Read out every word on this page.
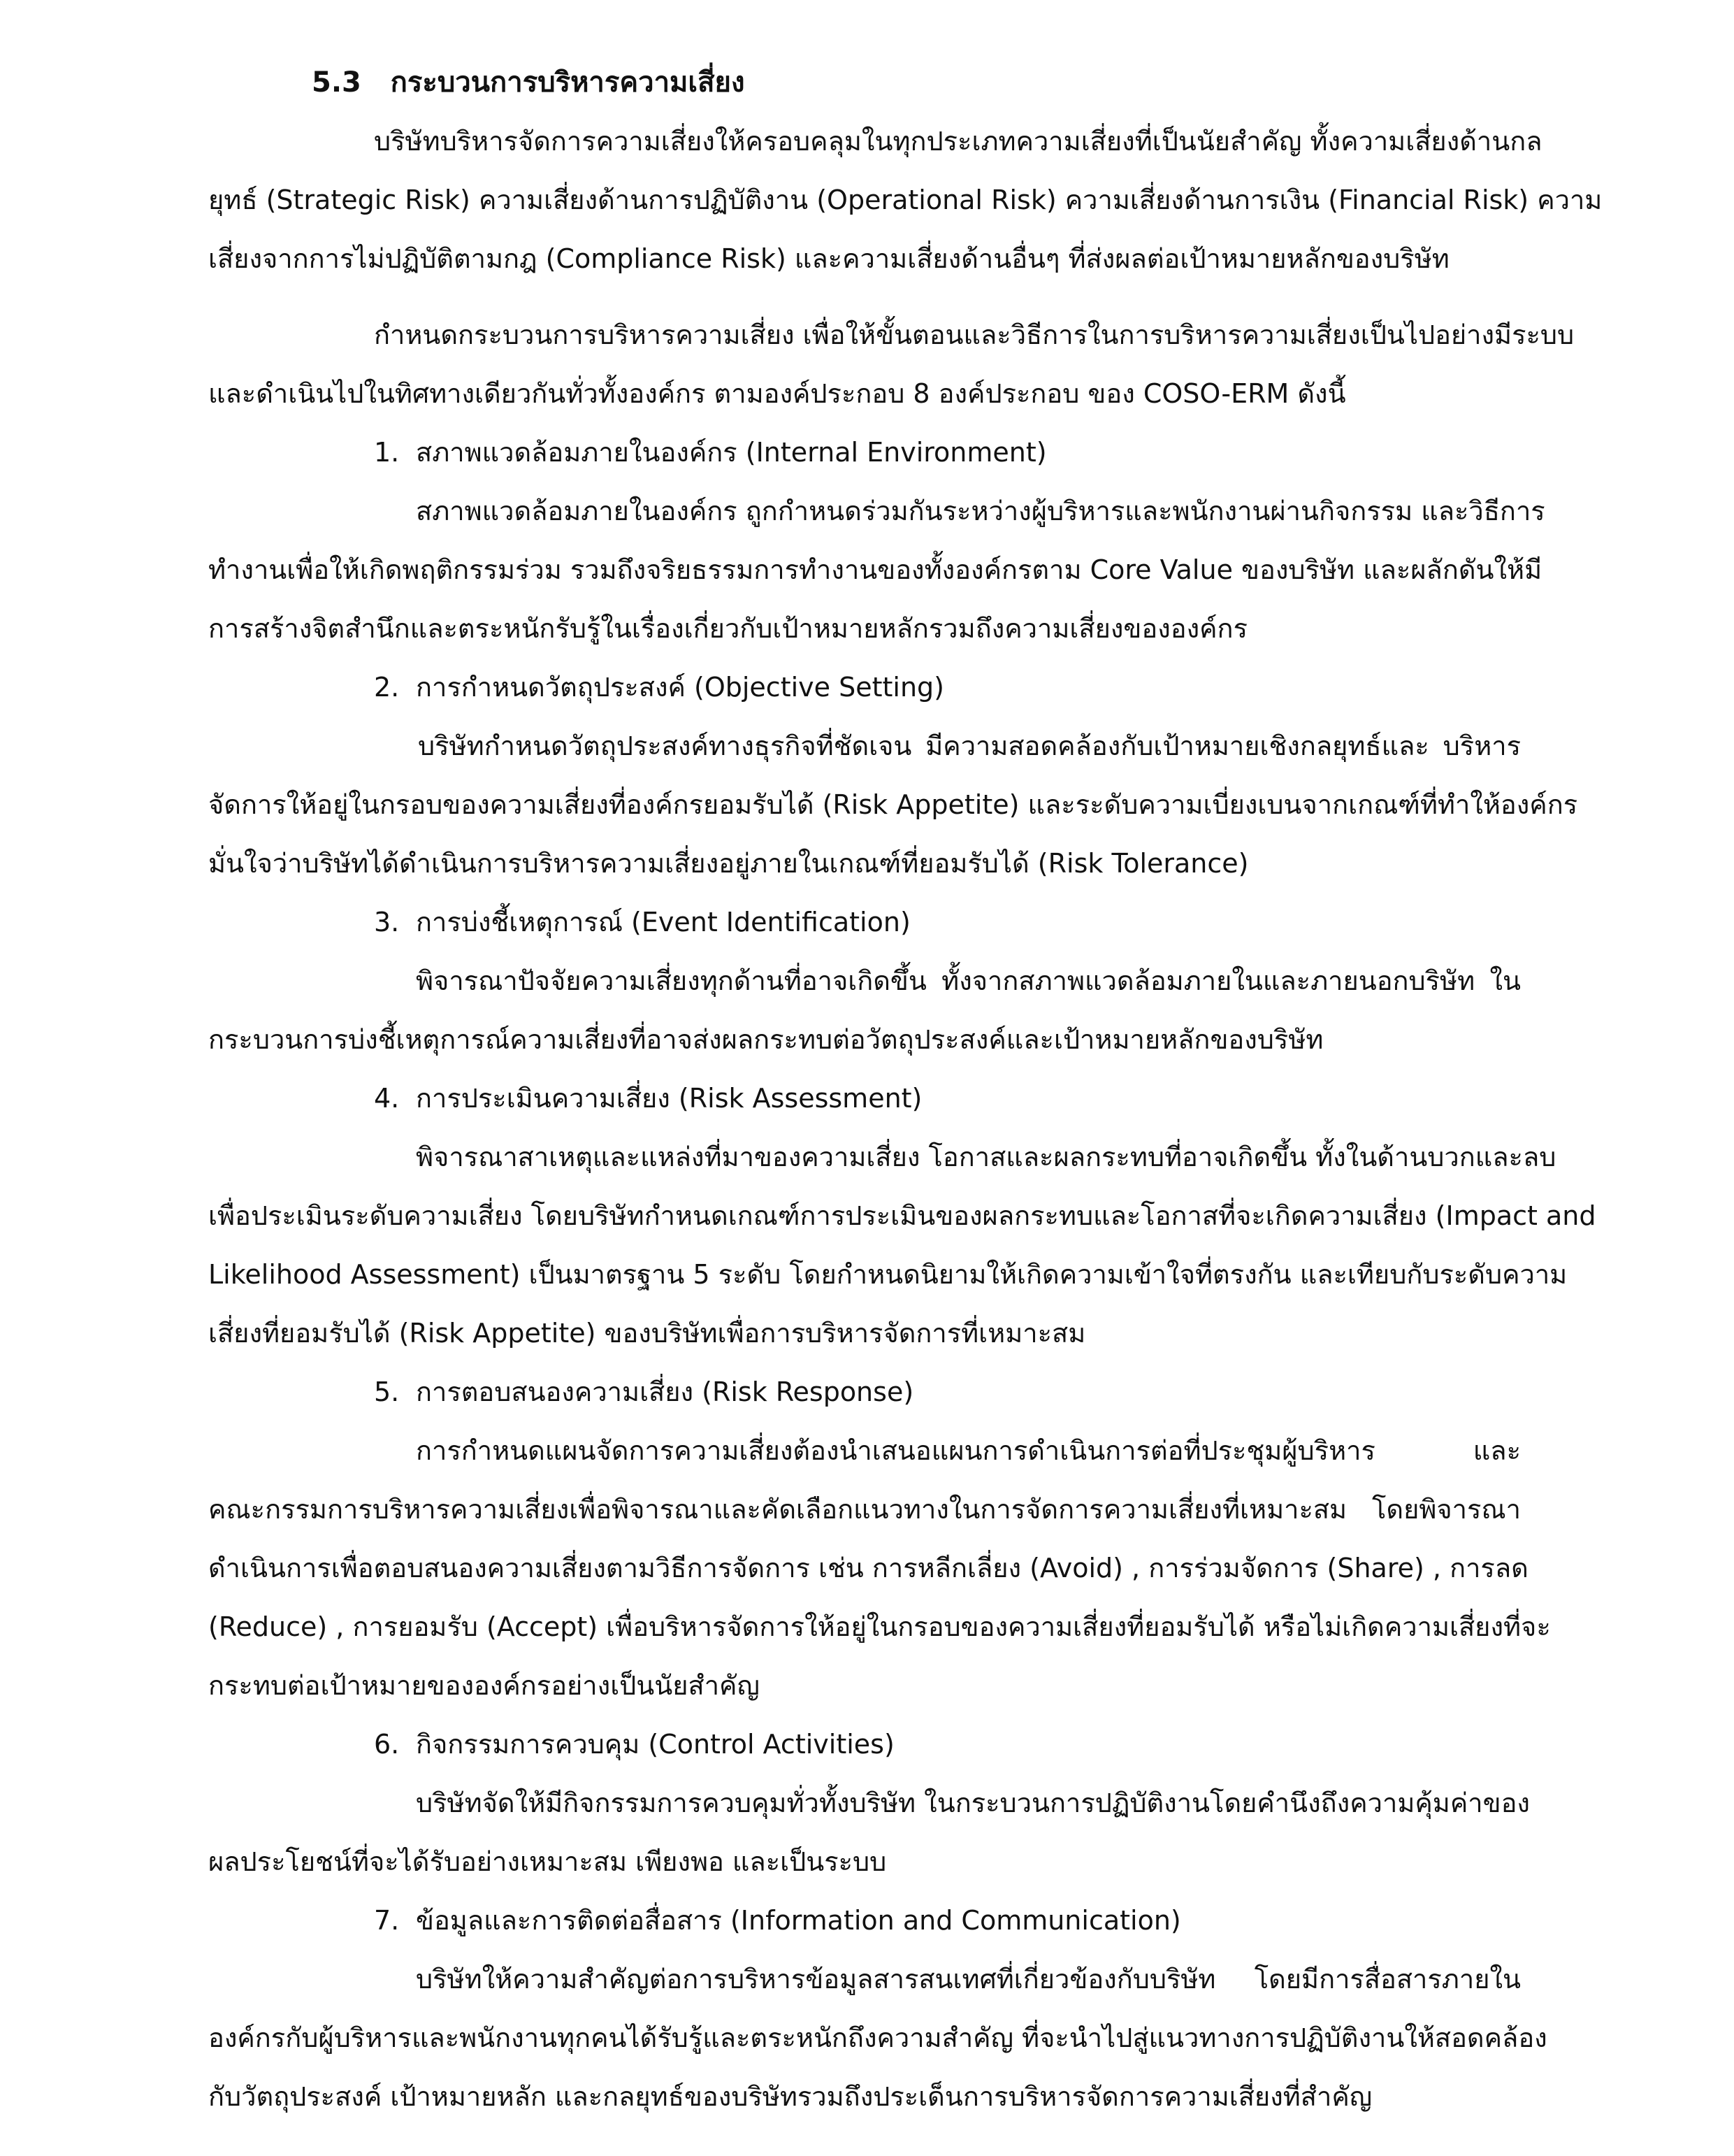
5.3 กระบวนการบริหารความเสี่ยง
บริษัทบริหารจัดการความเสี่ยงให้ครอบคลุมในทุกประเภทความเสี่ยงที่เป็นนัยสำคัญ ทั้งความเสี่ยงด้านกล
ยุทธ์ (Strategic Risk) ความเสี่ยงด้านการปฏิบัติงาน (Operational Risk) ความเสี่ยงด้านการเงิน (Financial Risk) ความ
เสี่ยงจากการไม่ปฏิบัติตามกฎ (Compliance Risk) และความเสี่ยงด้านอื่นๆ ที่ส่งผลต่อเป้าหมายหลักของบริษัท
กำหนดกระบวนการบริหารความเสี่ยง เพื่อให้ขั้นตอนและวิธีการในการบริหารความเสี่ยงเป็นไปอย่างมีระบบ
และดำเนินไปในทิศทางเดียวกันทั่วทั้งองค์กร ตามองค์ประกอบ 8 องค์ประกอบ ของ COSO-ERM ดังนี้
1. สภาพแวดล้อมภายในองค์กร (Internal Environment)
สภาพแวดล้อมภายในองค์กร ถูกกำหนดร่วมกันระหว่างผู้บริหารและพนักงานผ่านกิจกรรม และวิธีการ
ทำงานเพื่อให้เกิดพฤติกรรมร่วม รวมถึงจริยธรรมการทำงานของทั้งองค์กรตาม Core Value ของบริษัท และผลักดันให้มี
การสร้างจิตสำนึกและตระหนักรับรู้ในเรื่องเกี่ยวกับเป้าหมายหลักรวมถึงความเสี่ยงขององค์กร
2. การกำหนดวัตถุประสงค์ (Objective Setting)
บริษัทกำหนดวัตถุประสงค์ทางธุรกิจที่ชัดเจน มีความสอดคล้องกับเป้าหมายเชิงกลยุทธ์และ บริหาร
จัดการให้อยู่ในกรอบของความเสี่ยงที่องค์กรยอมรับได้ (Risk Appetite) และระดับความเบี่ยงเบนจากเกณฑ์ที่ทำให้องค์กร
มั่นใจว่าบริษัทได้ดำเนินการบริหารความเสี่ยงอยู่ภายในเกณฑ์ที่ยอมรับได้ (Risk Tolerance)
3. การบ่งชี้เหตุการณ์ (Event Identification)
พิจารณาปัจจัยความเสี่ยงทุกด้านที่อาจเกิดขึ้น ทั้งจากสภาพแวดล้อมภายในและภายนอกบริษัท ใน
กระบวนการบ่งชี้เหตุการณ์ความเสี่ยงที่อาจส่งผลกระทบต่อวัตถุประสงค์และเป้าหมายหลักของบริษัท
4. การประเมินความเสี่ยง (Risk Assessment)
พิจารณาสาเหตุและแหล่งที่มาของความเสี่ยง โอกาสและผลกระทบที่อาจเกิดขึ้น ทั้งในด้านบวกและลบ
เพื่อประเมินระดับความเสี่ยง โดยบริษัทกำหนดเกณฑ์การประเมินของผลกระทบและโอกาสที่จะเกิดความเสี่ยง (Impact and
Likelihood Assessment) เป็นมาตรฐาน 5 ระดับ โดยกำหนดนิยามให้เกิดความเข้าใจที่ตรงกัน และเทียบกับระดับความ
เสี่ยงที่ยอมรับได้ (Risk Appetite) ของบริษัทเพื่อการบริหารจัดการที่เหมาะสม
5. การตอบสนองความเสี่ยง (Risk Response)
การกำหนดแผนจัดการความเสี่ยงต้องนำเสนอแผนการดำเนินการต่อที่ประชุมผู้บริหาร และ
คณะกรรมการบริหารความเสี่ยงเพื่อพิจารณาและคัดเลือกแนวทางในการจัดการความเสี่ยงที่เหมาะสม โดยพิจารณา
ดำเนินการเพื่อตอบสนองความเสี่ยงตามวิธีการจัดการ เช่น การหลีกเลี่ยง (Avoid) , การร่วมจัดการ (Share) , การลด
(Reduce) , การยอมรับ (Accept) เพื่อบริหารจัดการให้อยู่ในกรอบของความเสี่ยงที่ยอมรับได้ หรือไม่เกิดความเสี่ยงที่จะ
กระทบต่อเป้าหมายขององค์กรอย่างเป็นนัยสำคัญ
6. กิจกรรมการควบคุม (Control Activities)
บริษัทจัดให้มีกิจกรรมการควบคุมทั่วทั้งบริษัท ในกระบวนการปฏิบัติงานโดยคำนึงถึงความคุ้มค่าของ
ผลประโยชน์ที่จะได้รับอย่างเหมาะสม เพียงพอ และเป็นระบบ
7. ข้อมูลและการติดต่อสื่อสาร (Information and Communication)
บริษัทให้ความสำคัญต่อการบริหารข้อมูลสารสนเทศที่เกี่ยวข้องกับบริษัท โดยมีการสื่อสารภายใน
องค์กรกับผู้บริหารและพนักงานทุกคนได้รับรู้และตระหนักถึงความสำคัญ ที่จะนำไปสู่แนวทางการปฏิบัติงานให้สอดคล้อง
กับวัตถุประสงค์ เป้าหมายหลัก และกลยุทธ์ของบริษัทรวมถึงประเด็นการบริหารจัดการความเสี่ยงที่สำคัญ
